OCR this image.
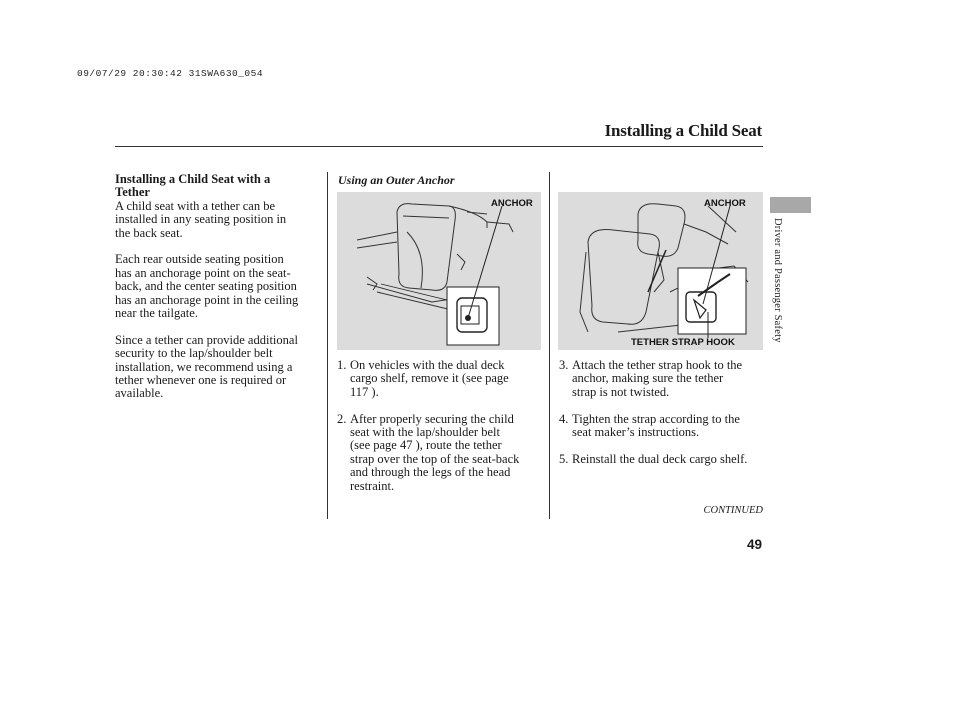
09/07/29 20:30:42 31SWA630_054
Installing a Child Seat

Installing a Child Seat with a
Tether

A child seat with a tether can be
installed in any seating position in
the back seat.

Each rear outside seating position
has an anchorage point on the seat-
back, and the center seating position
has an anchorage point in the ceiling
near the tailgate.

Since a tether can provide additional
security to the lap/shoulder belt
installation, we recommend using a
tether whenever one is required or
available.

Using an Outer Anchor
ANCHOR
1. On vehicles with the dual deck
cargo shelf, remove it (see page
117 ).
2. After properly securing the child
seat with the lap/shoulder belt
(see page 47 ), route the tether
strap over the top of the seat-back
and through the legs of the head
restraint.
ANCHOR
TETHER STRAP HOOK
3. Attach the tether strap hook to the
anchor, making sure the tether
strap is not twisted.
4. Tighten the strap according to the
seat maker’s instructions.
5. Reinstall the dual deck cargo shelf.
Driver and Passenger Safety
CONTINUED
49
